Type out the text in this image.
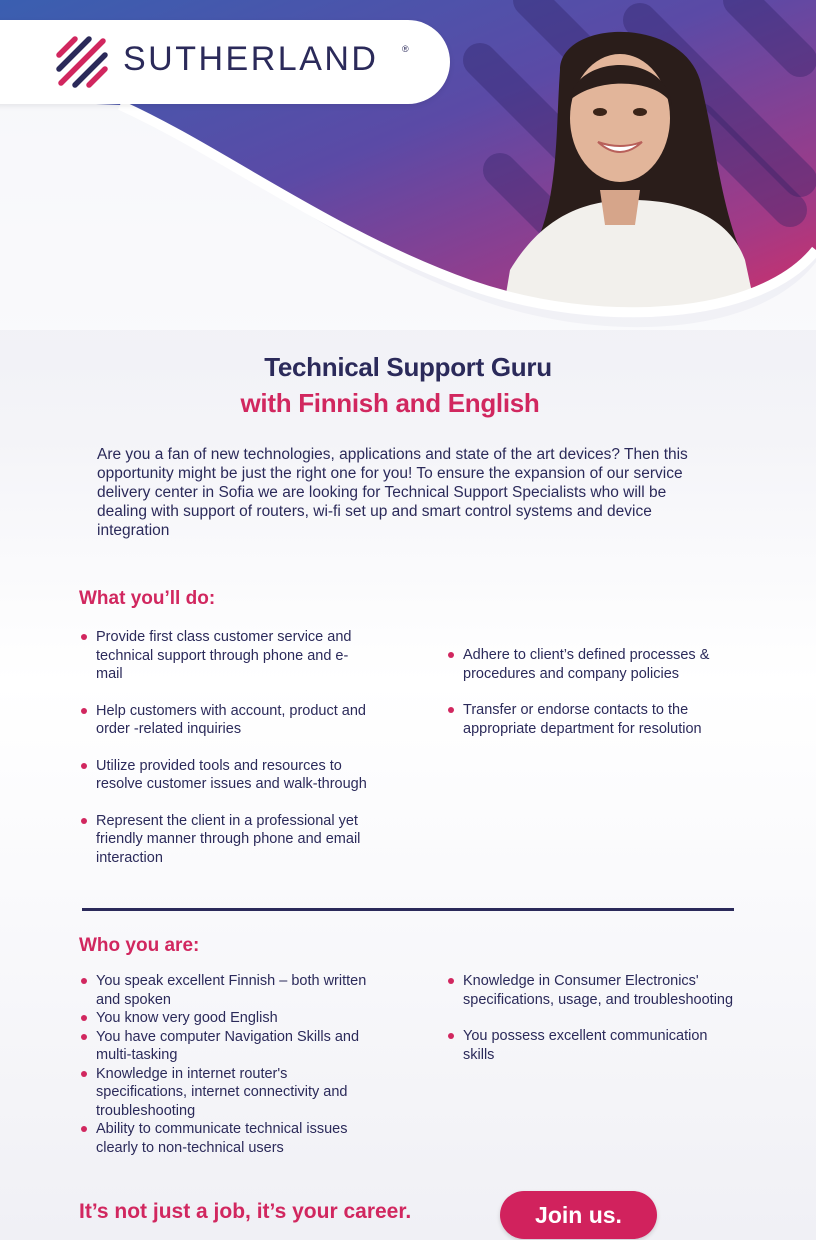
SUTHERLAND	®
Technical Support Guru
with Finnish and English
Are you a fan of new technologies, applications and state of the art devices? Then this opportunity might be just the right one for you! To ensure the expansion of our service delivery center in Sofia we are looking for Technical Support Specialists who will be dealing with support of routers, wi-fi set up and smart control systems and device integration
What you’ll do:
Provide first class customer service and technical support through phone and e-mail
Help customers with account, product and order -related inquiries
Utilize provided tools and resources to resolve customer issues and walk-through
Represent the client in a professional yet friendly manner through phone and email interaction
Adhere to client’s defined processes & procedures and company policies
Transfer or endorse contacts to the appropriate department for resolution
Who you are:
You speak excellent Finnish – both written and spoken
You know very good English
You have computer Navigation Skills and multi-tasking
Knowledge in internet router's specifications, internet connectivity and troubleshooting
Ability to communicate technical issues clearly to non-technical users
Knowledge in Consumer Electronics' specifications, usage, and troubleshooting
You possess excellent communication skills
It’s not just a job, it’s your career.	Join us.
